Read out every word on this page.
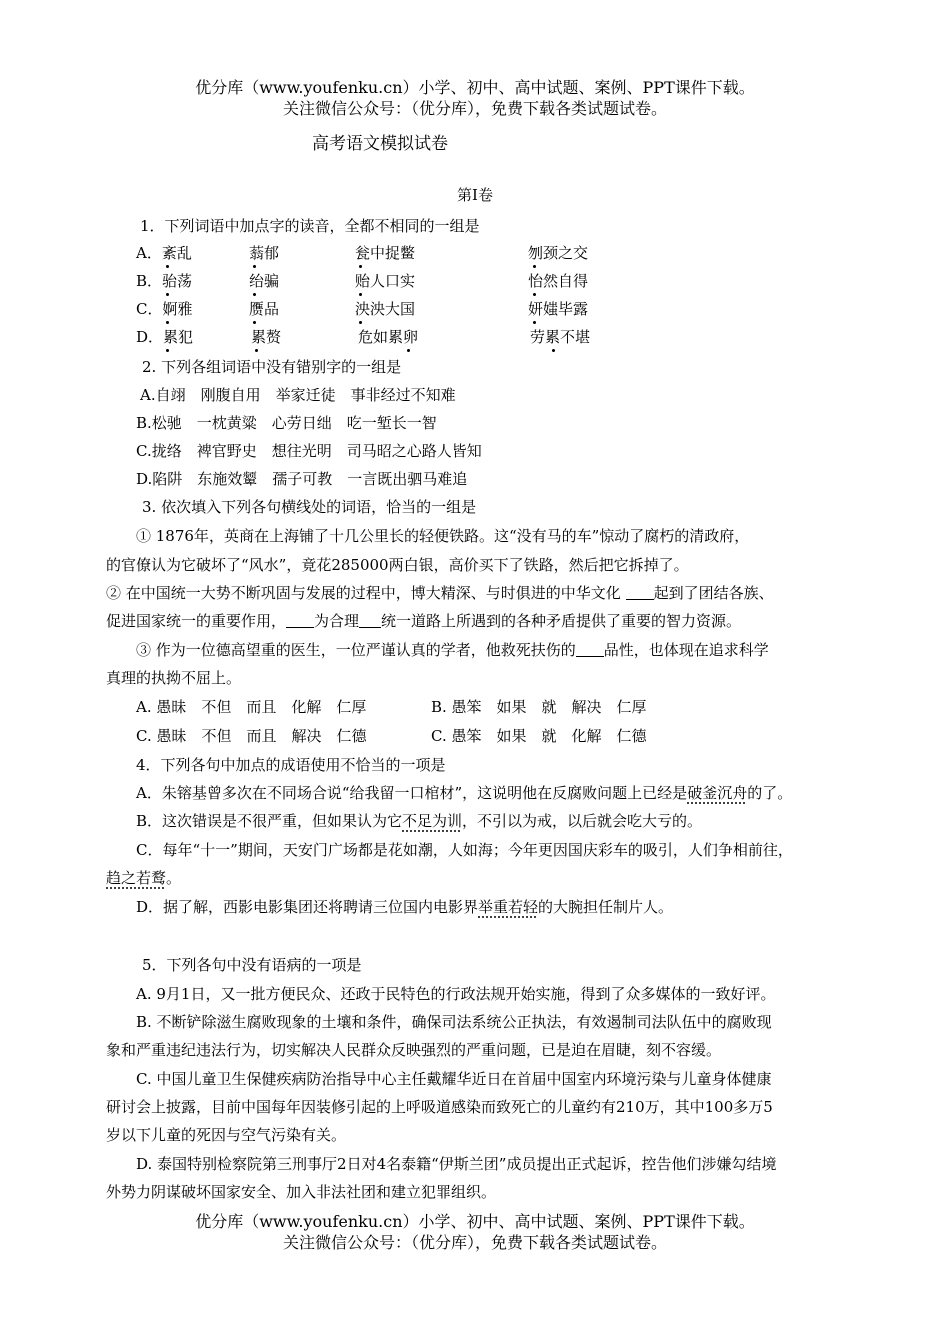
优分库（www.youfenku.cn）小学、初中、高中试题、案例、PPT课件下载。
关注微信公众号：（优分库），免费下载各类试题试卷。
高考语文模拟试卷
第Ⅰ卷
1．下列词语中加点字的读音，全都不相同的一组是
A．紊乱	蓊郁	瓮中捉鳖	刎颈之交
B．骀荡	绐骗	贻人口实	怡然自得
C．婀雅	赝品	泱泱大国	妍媸毕露
D．累犯	累赘	危如累卵	劳累不堪
2. 下列各组词语中没有错别字的一组是
A.自翊　刚腹自用　举家迁徒　事非经过不知难
B.松驰　一枕黄粱　心劳日绌　吃一堑长一智
C.拢络　裨官野史　想往光明　司马昭之心路人皆知
D.陷阱　东施效颦　孺子可教　一言既出驷马难追
3. 依次填入下列各句横线处的词语，恰当的一组是
① 1876年，英商在上海铺了十几公里长的轻便铁路。这“没有马的车”惊动了腐朽的清政府，
的官僚认为它破坏了“风水”，竟花285000两白银，高价买下了铁路，然后把它拆掉了。
② 在中国统一大势不断巩固与发展的过程中，博大精深、与时俱进的中华文化 起到了团结各族、
促进国家统一的重要作用， 为合理 统一道路上所遇到的各种矛盾提供了重要的智力资源。
③ 作为一位德高望重的医生，一位严谨认真的学者，他救死扶伤的 品性，也体现在追求科学
真理的执拗不屈上。
A. 愚昧　不但　而且　化解　仁厚	B. 愚笨　如果　就　解决　仁厚
C. 愚昧　不但　而且　解决　仁德	C. 愚笨　如果　就　化解　仁德
4．下列各句中加点的成语使用不恰当的一项是
A．朱镕基曾多次在不同场合说“给我留一口棺材”，这说明他在反腐败问题上已经是破釜沉舟的了。
B．这次错误是不很严重，但如果认为它不足为训，不引以为戒，以后就会吃大亏的。
C．每年“十一”期间，天安门广场都是花如潮，人如海；今年更因国庆彩车的吸引，人们争相前往，
趋之若鹜。
D．据了解，西影电影集团还将聘请三位国内电影界举重若轻的大腕担任制片人。
5．下列各句中没有语病的一项是
A. 9月1日，又一批方便民众、还政于民特色的行政法规开始实施，得到了众多媒体的一致好评。
B. 不断铲除滋生腐败现象的土壤和条件，确保司法系统公正执法，有效遏制司法队伍中的腐败现
象和严重违纪违法行为，切实解决人民群众反映强烈的严重问题，已是迫在眉睫，刻不容缓。
C. 中国儿童卫生保健疾病防治指导中心主任戴耀华近日在首届中国室内环境污染与儿童身体健康
研讨会上披露，目前中国每年因装修引起的上呼吸道感染而致死亡的儿童约有210万，其中100多万5
岁以下儿童的死因与空气污染有关。
D. 泰国特别检察院第三刑事厅2日对4名泰籍“伊斯兰团”成员提出正式起诉，控告他们涉嫌勾结境
外势力阴谋破坏国家安全、加入非法社团和建立犯罪组织。
优分库（www.youfenku.cn）小学、初中、高中试题、案例、PPT课件下载。
关注微信公众号：（优分库），免费下载各类试题试卷。
